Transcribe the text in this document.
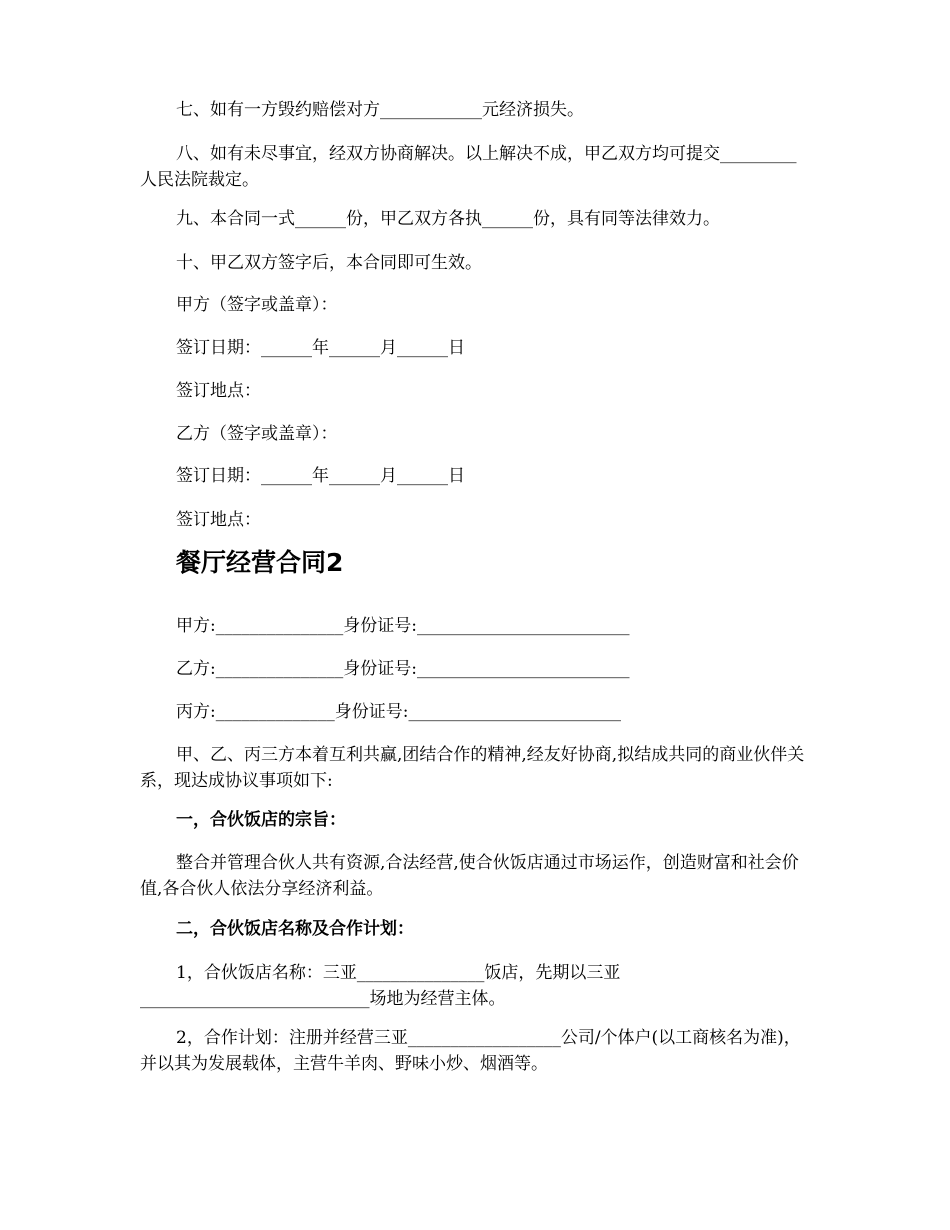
七、如有一方毁约赔偿对方____________元经济损失。
八、如有未尽事宜，经双方协商解决。以上解决不成，甲乙双方均可提交_________人民法院裁定。
九、本合同一式______份，甲乙双方各执______份，具有同等法律效力。
十、甲乙双方签字后，本合同即可生效。
甲方（签字或盖章）：
签订日期：______年______月______日
签订地点：
乙方（签字或盖章）：
签订日期：______年______月______日
签订地点：
餐厅经营合同2
甲方:_______________身份证号:_________________________
乙方:_______________身份证号:_________________________
丙方:______________身份证号:_________________________
甲、乙、丙三方本着互利共赢,团结合作的精神,经友好协商,拟结成共同的商业伙伴关系，现达成协议事项如下:
一，合伙饭店的宗旨：
整合并管理合伙人共有资源,合法经营,使合伙饭店通过市场运作，创造财富和社会价值,各合伙人依法分享经济利益。
二，合伙饭店名称及合作计划：
1，合伙饭店名称：三亚_______________饭店，先期以三亚___________________________场地为经营主体。
2，合作计划：注册并经营三亚__________________公司/个体户(以工商核名为准)，并以其为发展载体，主营牛羊肉、野味小炒、烟酒等。
